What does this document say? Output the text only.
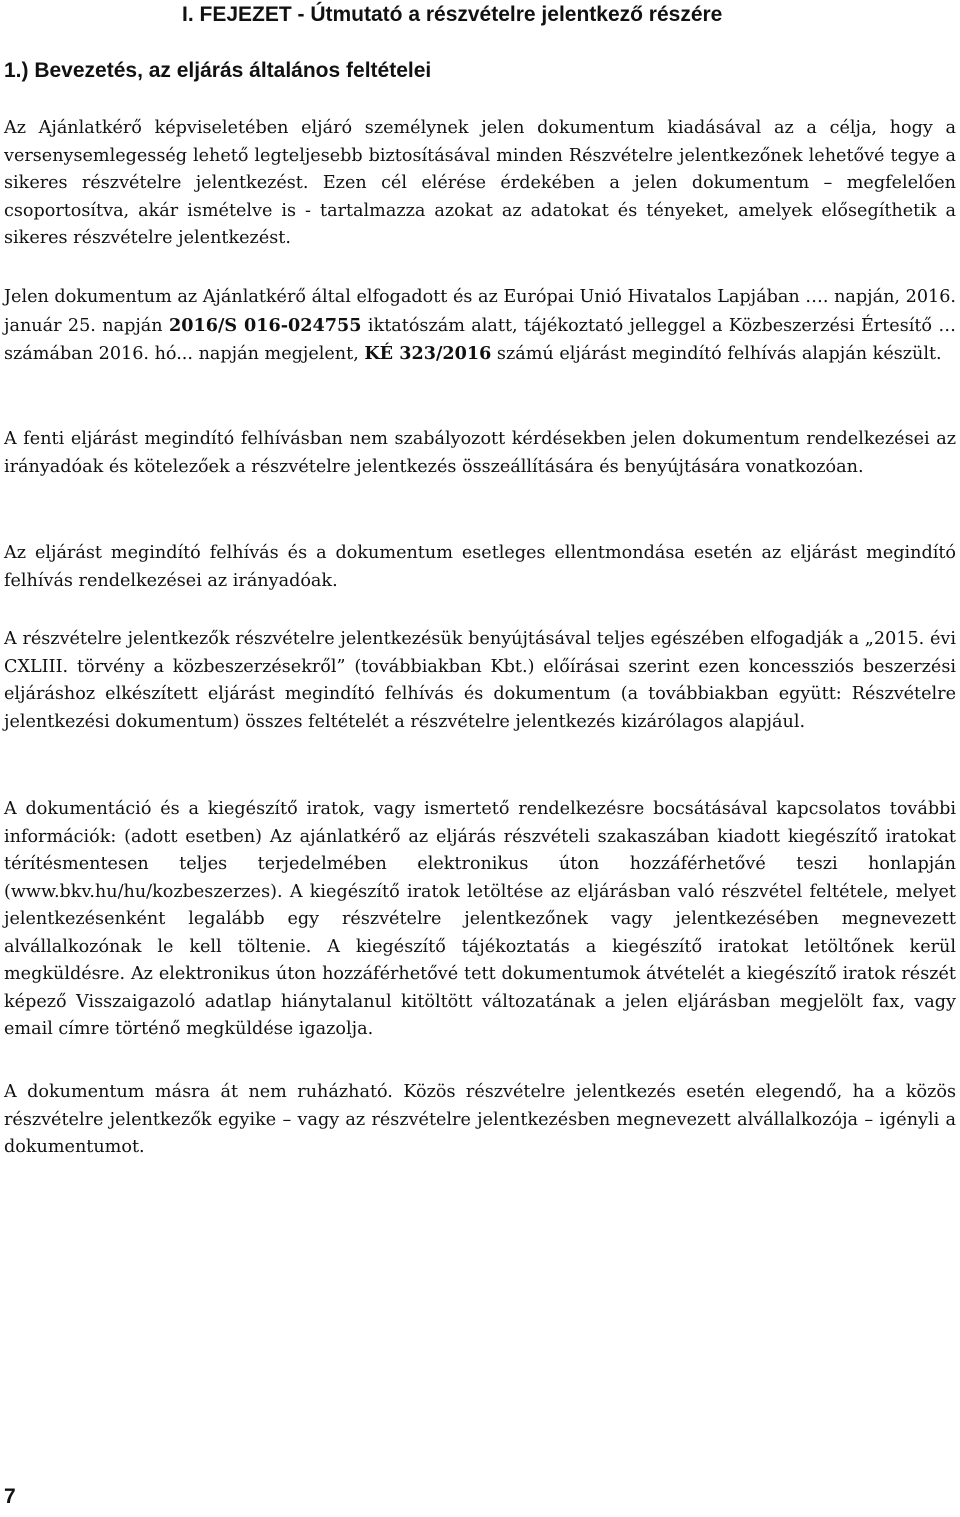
I. FEJEZET - Útmutató a részvételre jelentkező részére
1.) Bevezetés, az eljárás általános feltételei

Az Ajánlatkérő képviseletében eljáró személynek jelen dokumentum kiadásával az a célja, hogy a versenysemlegesség lehető legteljesebb biztosításával minden Részvételre jelentkezőnek lehetővé tegye a sikeres részvételre jelentkezést. Ezen cél elérése érdekében a jelen dokumentum – megfelelően csoportosítva, akár ismételve is - tartalmazza azokat az adatokat és tényeket, amelyek elősegíthetik a sikeres részvételre jelentkezést.

Jelen dokumentum az Ajánlatkérő által elfogadott és az Európai Unió Hivatalos Lapjában …. napján, 2016. január 25. napján 2016/S 016-024755 iktatószám alatt, tájékoztató jelleggel a Közbeszerzési Értesítő … számában 2016. hó... napján megjelent, KÉ 323/2016 számú eljárást megindító felhívás alapján készült.

A fenti eljárást megindító felhívásban nem szabályozott kérdésekben jelen dokumentum rendelkezései az irányadóak és kötelezőek a részvételre jelentkezés összeállítására és benyújtására vonatkozóan.

Az eljárást megindító felhívás és a dokumentum esetleges ellentmondása esetén az eljárást megindító felhívás rendelkezései az irányadóak.

A részvételre jelentkezők részvételre jelentkezésük benyújtásával teljes egészében elfogadják a „2015. évi CXLIII. törvény a közbeszerzésekről” (továbbiakban Kbt.) előírásai szerint ezen koncessziós beszerzési eljáráshoz elkészített eljárást megindító felhívás és dokumentum (a továbbiakban együtt: Részvételre jelentkezési dokumentum) összes feltételét a részvételre jelentkezés kizárólagos alapjául.

A dokumentáció és a kiegészítő iratok, vagy ismertető rendelkezésre bocsátásával kapcsolatos további információk: (adott esetben) Az ajánlatkérő az eljárás részvételi szakaszában kiadott kiegészítő iratokat térítésmentesen teljes terjedelmében elektronikus úton hozzáférhetővé teszi honlapján (www.bkv.hu/hu/kozbeszerzes). A kiegészítő iratok letöltése az eljárásban való részvétel feltétele, melyet jelentkezésenként legalább egy részvételre jelentkezőnek vagy jelentkezésében megnevezett alvállalkozónak le kell töltenie. A kiegészítő tájékoztatás a kiegészítő iratokat letöltőnek kerül megküldésre. Az elektronikus úton hozzáférhetővé tett dokumentumok átvételét a kiegészítő iratok részét képező Visszaigazoló adatlap hiánytalanul kitöltött változatának a jelen eljárásban megjelölt fax, vagy email címre történő megküldése igazolja.

A dokumentum másra át nem ruházható. Közös részvételre jelentkezés esetén elegendő, ha a közös részvételre jelentkezők egyike – vagy az részvételre jelentkezésben megnevezett alvállalkozója – igényli a dokumentumot.

7
